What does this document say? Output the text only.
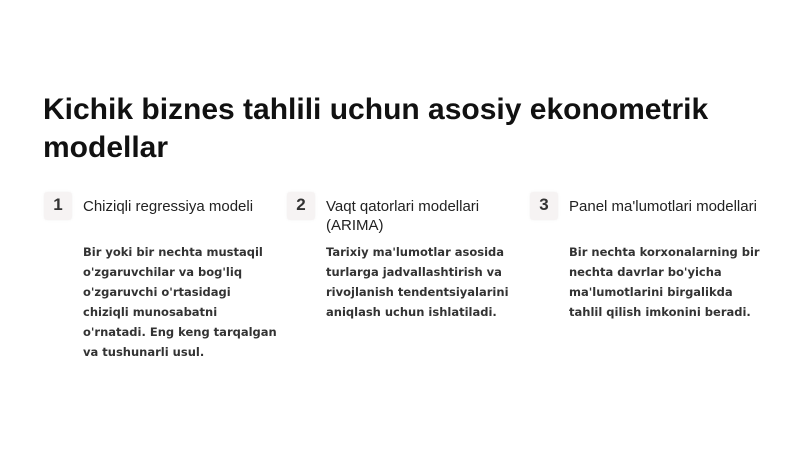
Kichik biznes tahlili uchun asosiy ekonometrik modellar
1	Chiziqli regressiya modeli

Bir yoki bir nechta mustaqil o'zgaruvchilar va bog'liq o'zgaruvchi o'rtasidagi chiziqli munosabatni o'rnatadi. Eng keng tarqalgan va tushunarli usul.

2	Vaqt qatorlari modellari (ARIMA)

Tarixiy ma'lumotlar asosida turlarga jadvallashtirish va rivojlanish tendentsiyalarini aniqlash uchun ishlatiladi.

3	Panel ma'lumotlari modellari

Bir nechta korxonalarning bir nechta davrlar bo'yicha ma'lumotlarini birgalikda tahlil qilish imkonini beradi.
